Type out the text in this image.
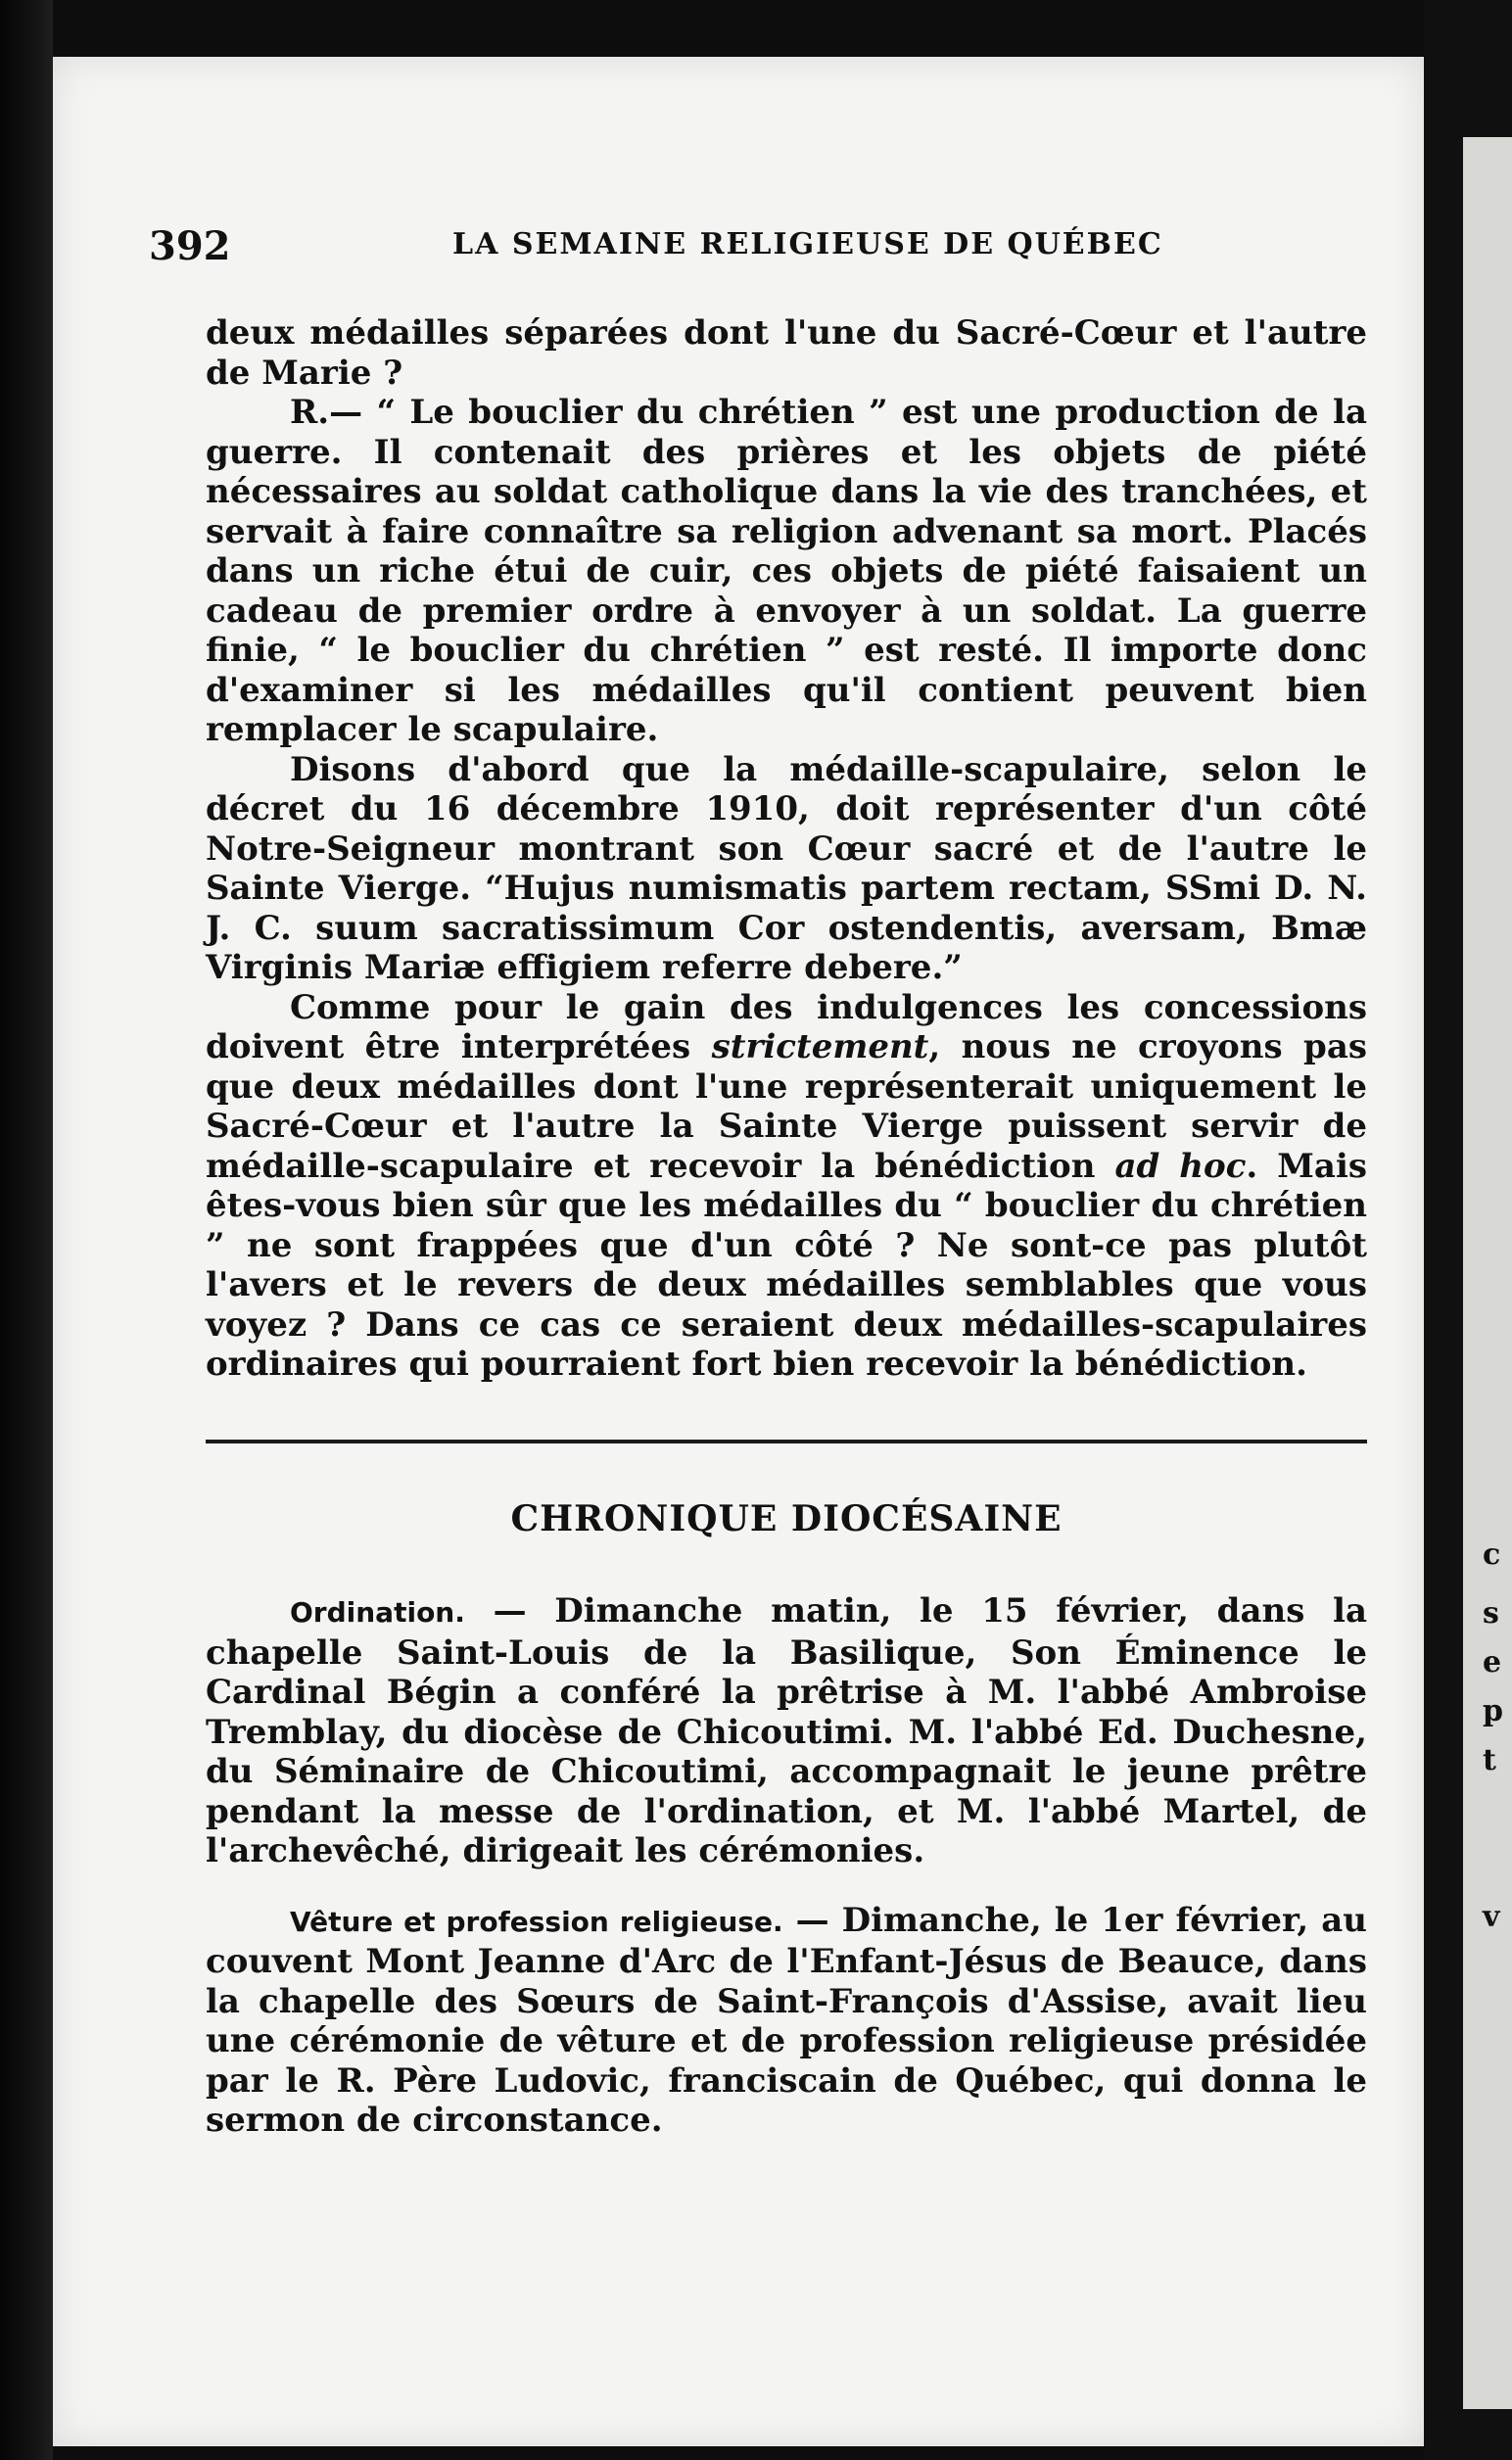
c
s
e
p
t
v
392	LA SEMAINE RELIGIEUSE DE QUÉBEC

deux médailles séparées dont l'une du Sacré-Cœur et l'autre de Marie ?

R.— “ Le bouclier du chrétien ” est une production de la guerre. Il contenait des prières et les objets de piété nécessaires au soldat catholique dans la vie des tranchées, et servait à faire connaître sa religion advenant sa mort. Placés dans un riche étui de cuir, ces objets de piété faisaient un cadeau de premier ordre à envoyer à un soldat. La guerre finie, “ le bouclier du chrétien ” est resté. Il importe donc d'examiner si les médailles qu'il contient peuvent bien remplacer le scapulaire.

Disons d'abord que la médaille-scapulaire, selon le décret du 16 décembre 1910, doit représenter d'un côté Notre-Seigneur montrant son Cœur sacré et de l'autre le Sainte Vierge. “Hujus numismatis partem rectam, SSmi D. N. J. C. suum sacratissimum Cor ostendentis, aversam, Bmæ Virginis Mariæ effigiem referre debere.”

Comme pour le gain des indulgences les concessions doivent être interprétées strictement, nous ne croyons pas que deux médailles dont l'une représenterait uniquement le Sacré-Cœur et l'autre la Sainte Vierge puissent servir de médaille-scapulaire et recevoir la bénédiction ad hoc. Mais êtes-vous bien sûr que les médailles du “ bouclier du chrétien ” ne sont frappées que d'un côté ? Ne sont-ce pas plutôt l'avers et le revers de deux médailles semblables que vous voyez ? Dans ce cas ce seraient deux médailles-scapulaires ordinaires qui pourraient fort bien recevoir la bénédiction.

CHRONIQUE DIOCÉSAINE

Ordination. — Dimanche matin, le 15 février, dans la chapelle Saint-Louis de la Basilique, Son Éminence le Cardinal Bégin a conféré la prêtrise à M. l'abbé Ambroise Tremblay, du diocèse de Chicoutimi. M. l'abbé Ed. Duchesne, du Séminaire de Chicoutimi, accompagnait le jeune prêtre pendant la messe de l'ordination, et M. l'abbé Martel, de l'archevêché, dirigeait les cérémonies.

Vêture et profession religieuse. — Dimanche, le 1er février, au couvent Mont Jeanne d'Arc de l'Enfant-Jésus de Beauce, dans la chapelle des Sœurs de Saint-François d'Assise, avait lieu une cérémonie de vêture et de profession religieuse présidée par le R. Père Ludovic, franciscain de Québec, qui donna le sermon de circonstance.
